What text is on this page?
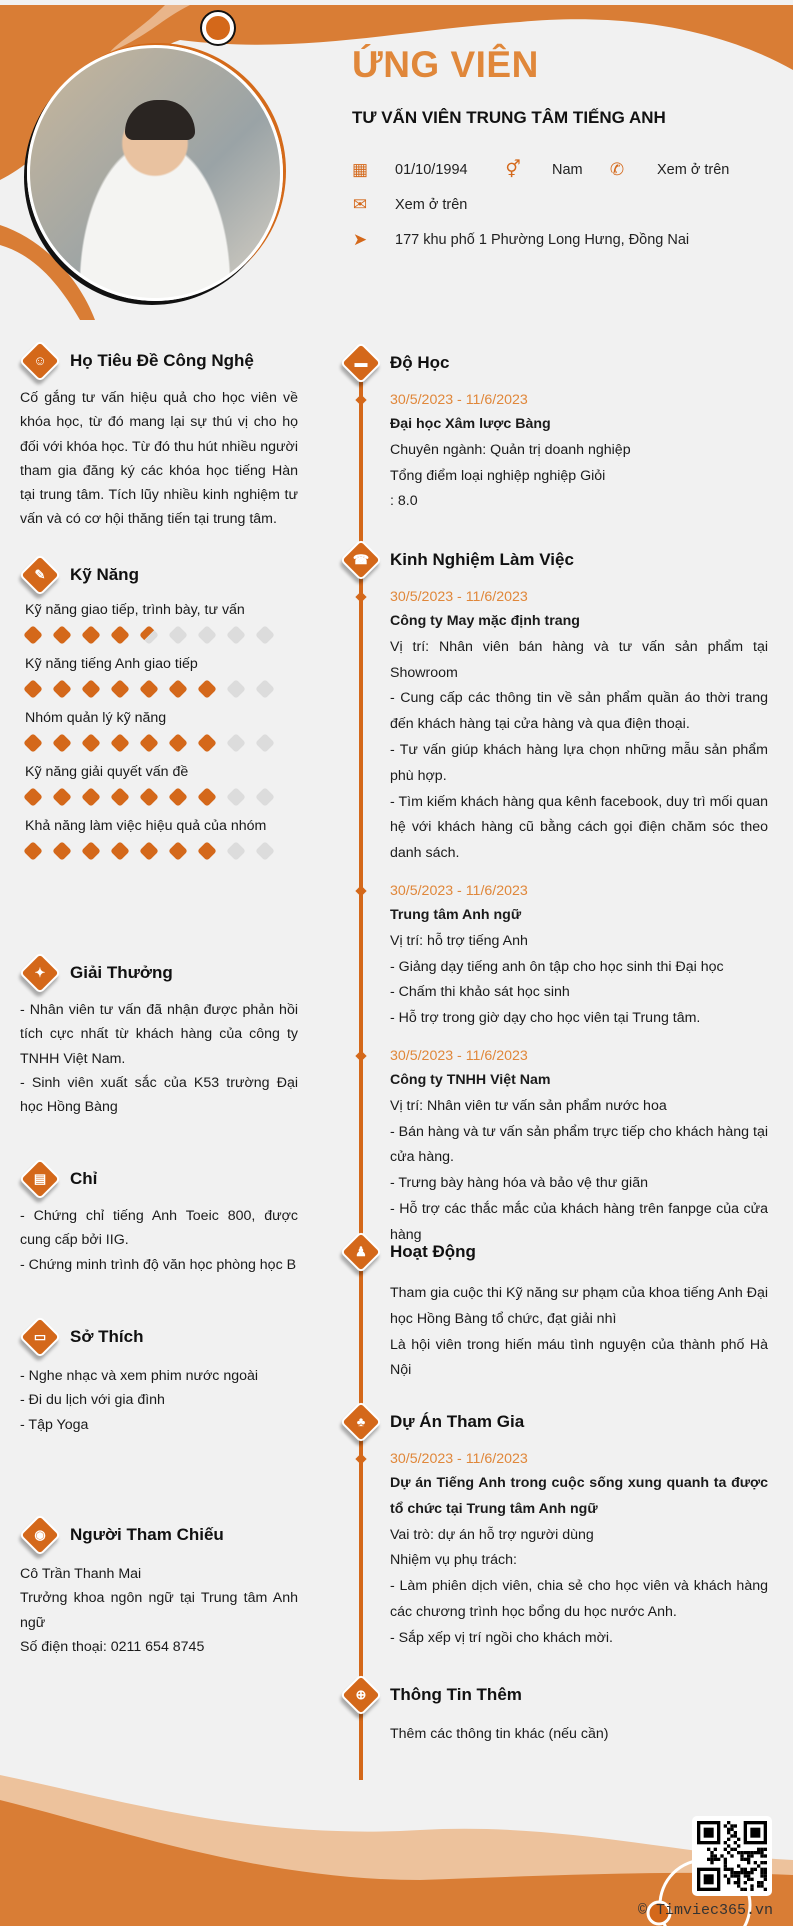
ỨNG VIÊN
TƯ VẤN VIÊN TRUNG TÂM TIẾNG ANH
▦ 01/10/1994 ⚥ Nam ✆ Xem ở trên
✉ Xem ở trên
➤ 177 khu phố 1 Phường Long Hưng, Đồng Nai
© Timviec365.vn
☺	Họ Tiêu Đề Công Nghệ
Cố gắng tư vấn hiệu quả cho học viên về khóa học, từ đó mang lại sự thú vị cho họ đối với khóa học. Từ đó thu hút nhiều người tham gia đăng ký các khóa học tiếng Hàn tại trung tâm. Tích lũy nhiều kinh nghiệm tư vấn và có cơ hội thăng tiến tại trung tâm.
✎	Kỹ Năng
Kỹ năng giao tiếp, trình bày, tư vấn
Kỹ năng tiếng Anh giao tiếp
Nhóm quản lý kỹ năng
Kỹ năng giải quyết vấn đề
Khả năng làm việc hiệu quả của nhóm
✦	Giải Thưởng
- Nhân viên tư vấn đã nhận được phản hồi tích cực nhất từ khách hàng của công ty TNHH Việt Nam.
- Sinh viên xuất sắc của K53 trường Đại học Hồng Bàng
▤	Chỉ
- Chứng chỉ tiếng Anh Toeic 800, được cung cấp bởi IIG.
- Chứng minh trình độ văn học phòng học B
▭	Sở Thích
- Nghe nhạc và xem phim nước ngoài
- Đi du lịch với gia đình
- Tập Yoga
◉	Người Tham Chiếu
Cô Trần Thanh Mai
Trưởng khoa ngôn ngữ tại Trung tâm Anh ngữ
Số điện thoại: 0211 654 8745
▬	Độ Học
30/5/2023 - 11/6/2023
Đại học Xâm lược Bàng
Chuyên ngành: Quản trị doanh nghiệp
Tổng điểm loại nghiệp nghiệp Giỏi
: 8.0
☎ Kinh Nghiệm Làm Việc
30/5/2023 - 11/6/2023
Công ty May mặc định trang
Vị trí: Nhân viên bán hàng và tư vấn sản phẩm tại Showroom
- Cung cấp các thông tin về sản phẩm quần áo thời trang đến khách hàng tại cửa hàng và qua điện thoại.
- Tư vấn giúp khách hàng lựa chọn những mẫu sản phẩm phù hợp.
- Tìm kiếm khách hàng qua kênh facebook, duy trì mối quan hệ với khách hàng cũ bằng cách gọi điện chăm sóc theo danh sách.
30/5/2023 - 11/6/2023
Trung tâm Anh ngữ
Vị trí: hỗ trợ tiếng Anh
- Giảng dạy tiếng anh ôn tập cho học sinh thi Đại học
- Chấm thi khảo sát học sinh
- Hỗ trợ trong giờ dạy cho học viên tại Trung tâm.
30/5/2023 - 11/6/2023
Công ty TNHH Việt Nam
Vị trí: Nhân viên tư vấn sản phẩm nước hoa
- Bán hàng và tư vấn sản phẩm trực tiếp cho khách hàng tại cửa hàng.
- Trưng bày hàng hóa và bảo vệ thư giãn
- Hỗ trợ các thắc mắc của khách hàng trên fanpge của cửa hàng
♟	Hoạt Động
Tham gia cuộc thi Kỹ năng sư phạm của khoa tiếng Anh Đại học Hồng Bàng tổ chức, đạt giải nhì
Là hội viên trong hiến máu tình nguyện của thành phố Hà Nội
♣	Dự Án Tham Gia
30/5/2023 - 11/6/2023
Dự án Tiếng Anh trong cuộc sống xung quanh ta được tổ chức tại Trung tâm Anh ngữ
Vai trò: dự án hỗ trợ người dùng
Nhiệm vụ phụ trách:
- Làm phiên dịch viên, chia sẻ cho học viên và khách hàng các chương trình học bổng du học nước Anh.
- Sắp xếp vị trí ngồi cho khách mời.
⊕	Thông Tin Thêm
Thêm các thông tin khác (nếu cần)
